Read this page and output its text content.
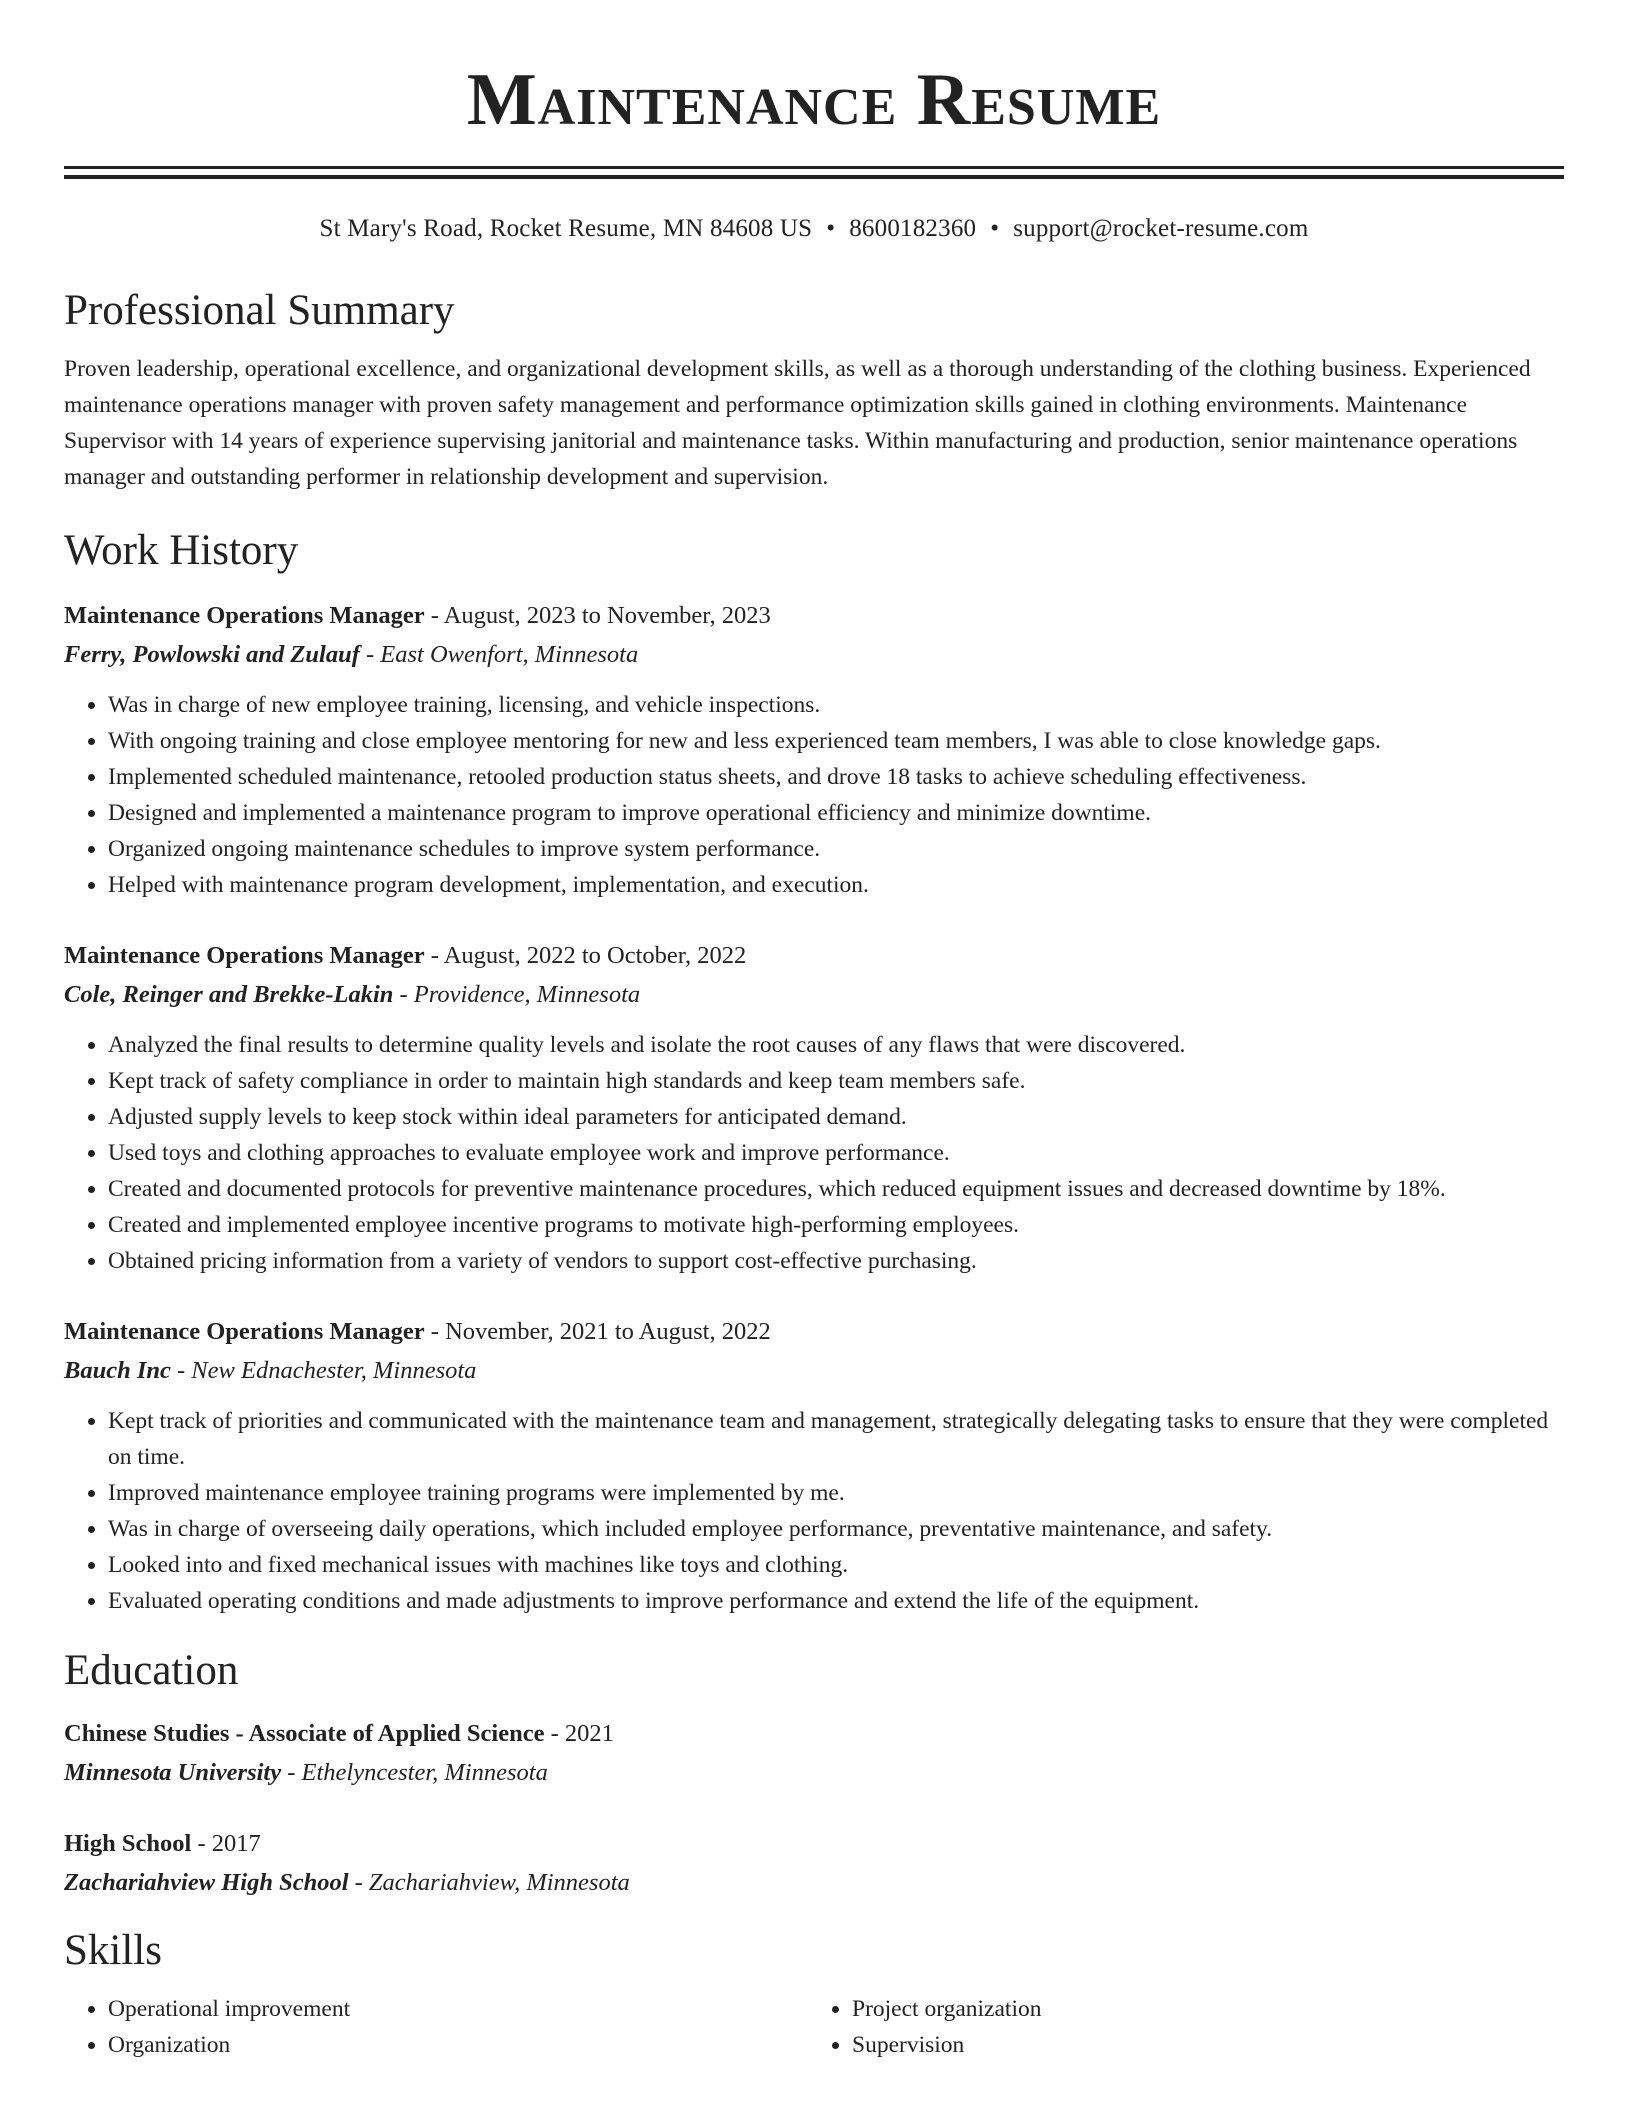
Maintenance Resume
St Mary's Road, Rocket Resume, MN 84608 US • 8600182360 • support@rocket-resume.com
Professional Summary
Proven leadership, operational excellence, and organizational development skills, as well as a thorough understanding of the clothing business. Experienced maintenance operations manager with proven safety management and performance optimization skills gained in clothing environments. Maintenance Supervisor with 14 years of experience supervising janitorial and maintenance tasks. Within manufacturing and production, senior maintenance operations manager and outstanding performer in relationship development and supervision.
Work History
Maintenance Operations Manager - August, 2023 to November, 2023
Ferry, Powlowski and Zulauf - East Owenfort, Minnesota
• Was in charge of new employee training, licensing, and vehicle inspections.
• With ongoing training and close employee mentoring for new and less experienced team members, I was able to close knowledge gaps.
• Implemented scheduled maintenance, retooled production status sheets, and drove 18 tasks to achieve scheduling effectiveness.
• Designed and implemented a maintenance program to improve operational efficiency and minimize downtime.
• Organized ongoing maintenance schedules to improve system performance.
• Helped with maintenance program development, implementation, and execution.
Maintenance Operations Manager - August, 2022 to October, 2022
Cole, Reinger and Brekke-Lakin - Providence, Minnesota
• Analyzed the final results to determine quality levels and isolate the root causes of any flaws that were discovered.
• Kept track of safety compliance in order to maintain high standards and keep team members safe.
• Adjusted supply levels to keep stock within ideal parameters for anticipated demand.
• Used toys and clothing approaches to evaluate employee work and improve performance.
• Created and documented protocols for preventive maintenance procedures, which reduced equipment issues and decreased downtime by 18%.
• Created and implemented employee incentive programs to motivate high-performing employees.
• Obtained pricing information from a variety of vendors to support cost-effective purchasing.
Maintenance Operations Manager - November, 2021 to August, 2022
Bauch Inc - New Ednachester, Minnesota
• Kept track of priorities and communicated with the maintenance team and management, strategically delegating tasks to ensure that they were completed on time.
• Improved maintenance employee training programs were implemented by me.
• Was in charge of overseeing daily operations, which included employee performance, preventative maintenance, and safety.
• Looked into and fixed mechanical issues with machines like toys and clothing.
• Evaluated operating conditions and made adjustments to improve performance and extend the life of the equipment.
Education
Chinese Studies - Associate of Applied Science - 2021
Minnesota University - Ethelyncester, Minnesota
High School - 2017
Zachariahview High School - Zachariahview, Minnesota
Skills
• Operational improvement
• Organization
• Project organization
• Supervision
